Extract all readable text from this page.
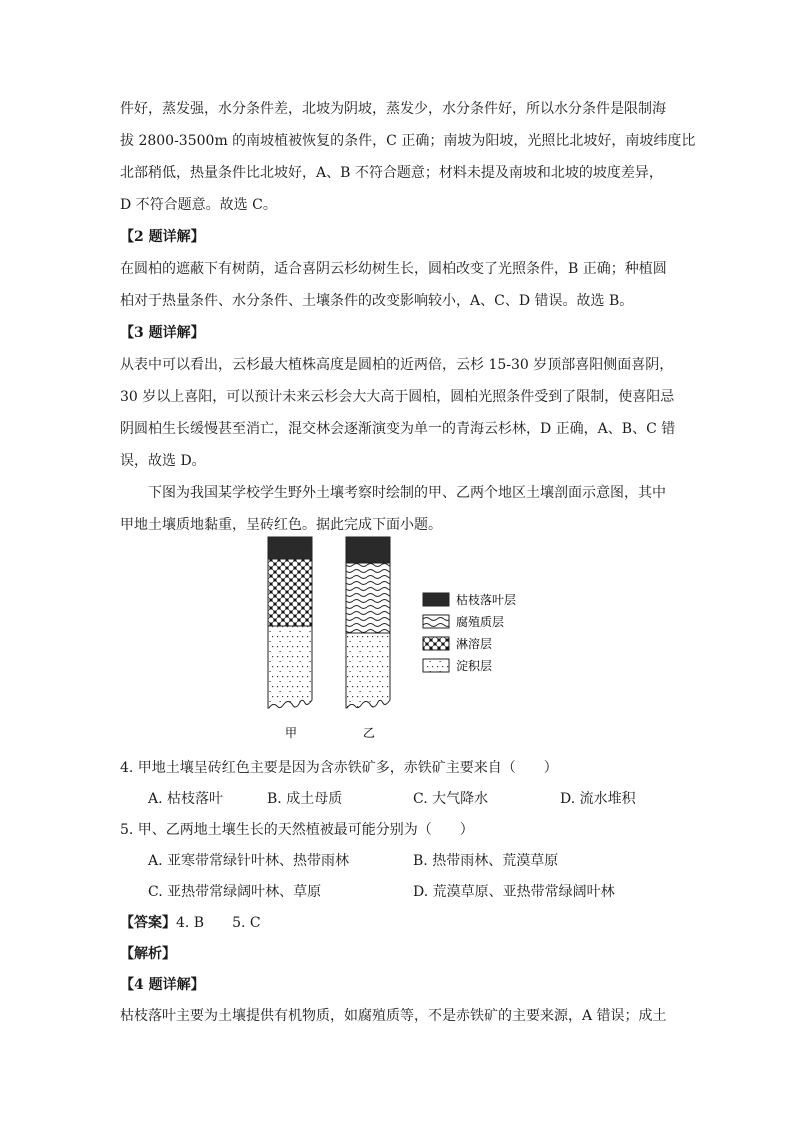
件好，蒸发强，水分条件差，北坡为阴坡，蒸发少，水分条件好，所以水分条件是限制海
拔 2800-3500m 的南坡植被恢复的条件，C 正确；南坡为阳坡，光照比北坡好，南坡纬度比
北部稍低，热量条件比北坡好，A、B 不符合题意；材料未提及南坡和北坡的坡度差异，
D 不符合题意。故选 C。
【2 题详解】
在圆柏的遮蔽下有树荫，适合喜阴云杉幼树生长，圆柏改变了光照条件，B 正确；种植圆
柏对于热量条件、水分条件、土壤条件的改变影响较小，A、C、D 错误。故选 B。
【3 题详解】
从表中可以看出，云杉最大植株高度是圆柏的近两倍，云杉 15-30 岁顶部喜阳侧面喜阴，
30 岁以上喜阳，可以预计未来云杉会大大高于圆柏，圆柏光照条件受到了限制，使喜阳忌
阴圆柏生长缓慢甚至消亡，混交林会逐渐演变为单一的青海云杉林，D 正确，A、B、C 错
误，故选 D。
下图为我国某学校学生野外土壤考察时绘制的甲、乙两个地区土壤剖面示意图，其中
甲地土壤质地黏重，呈砖红色。据此完成下面小题。
甲	乙
枯枝落叶层
腐殖质层
淋溶层
淀积层
4. 甲地土壤呈砖红色主要是因为含赤铁矿多，赤铁矿主要来自（　　）
A. 枯枝落叶	B. 成土母质	C. 大气降水	D. 流水堆积
5. 甲、乙两地土壤生长的天然植被最可能分别为（　　）
A. 亚寒带常绿针叶林、热带雨林	B. 热带雨林、荒漠草原
C. 亚热带常绿阔叶林、草原	D. 荒漠草原、亚热带常绿阔叶林
【答案】4. B　　5. C
【解析】
【4 题详解】
枯枝落叶主要为土壤提供有机物质，如腐殖质等，不是赤铁矿的主要来源，A 错误；成土
